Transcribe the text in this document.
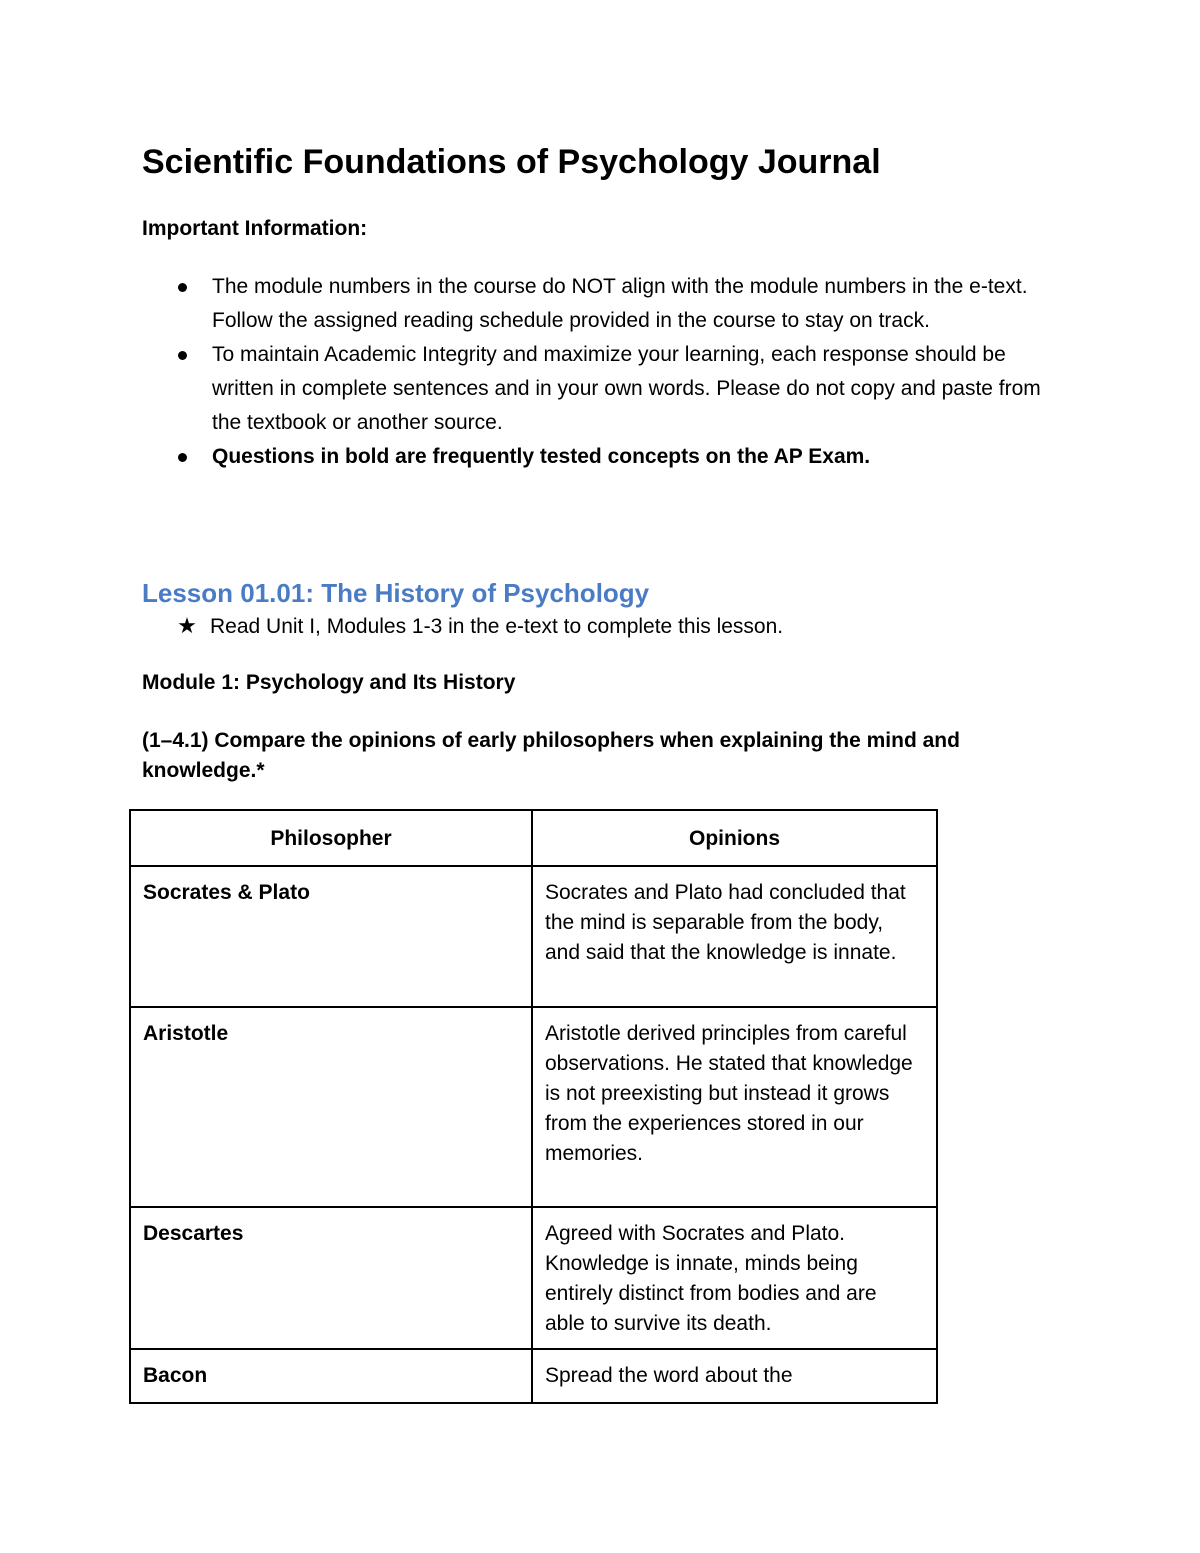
Scientific Foundations of Psychology Journal

Important Information:

The module numbers in the course do NOT align with the module numbers in the e-text. Follow the assigned reading schedule provided in the course to stay on track.
To maintain Academic Integrity and maximize your learning, each response should be written in complete sentences and in your own words. Please do not copy and paste from the textbook or another source.
Questions in bold are frequently tested concepts on the AP Exam.
Lesson 01.01: The History of Psychology

★ Read Unit I, Modules 1-3 in the e-text to complete this lesson.

Module 1: Psychology and Its History

(1–4.1) Compare the opinions of early philosophers when explaining the mind and knowledge.*

Philosopher	Opinions
Socrates & Plato	Socrates and Plato had concluded that the mind is separable from the body, and said that the knowledge is innate.
Aristotle	Aristotle derived principles from careful observations. He stated that knowledge is not preexisting but instead it grows from the experiences stored in our memories.
Descartes	Agreed with Socrates and Plato. Knowledge is innate, minds being entirely distinct from bodies and are able to survive its death.
Bacon	Spread the word about the
